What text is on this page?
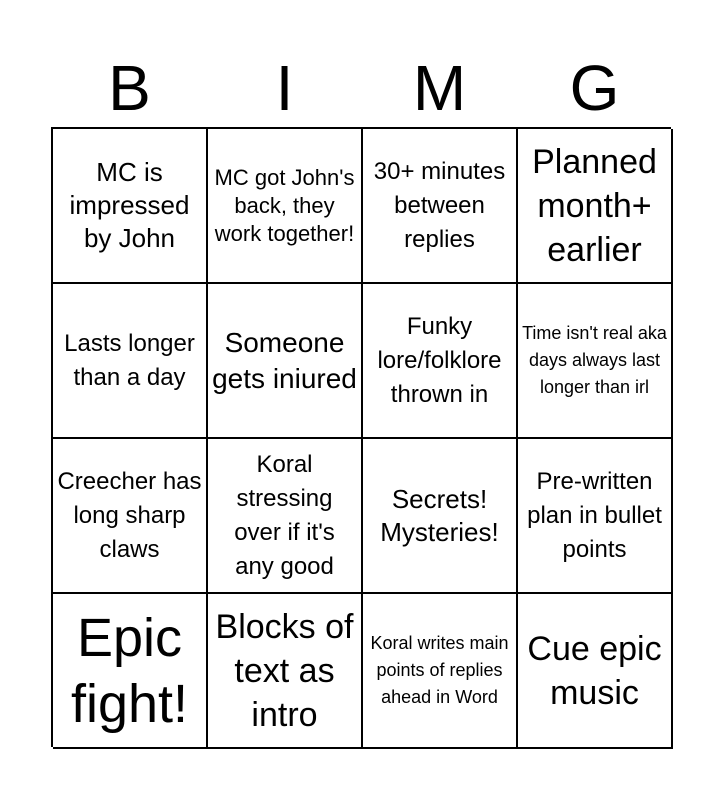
B	I	M	G
MC is impressed by John
MC got John's back, they work together!
30+ minutes between replies
Planned month+ earlier
Lasts longer than a day
Someone gets iniured
Funky lore/folklore thrown in
Time isn't real aka days always last longer than irl
Creecher has long sharp claws
Koral stressing over if it's any good
Secrets! Mysteries!
Pre-written plan in bullet points
Epic fight!
Blocks of text as intro
Koral writes main points of replies ahead in Word
Cue epic music
